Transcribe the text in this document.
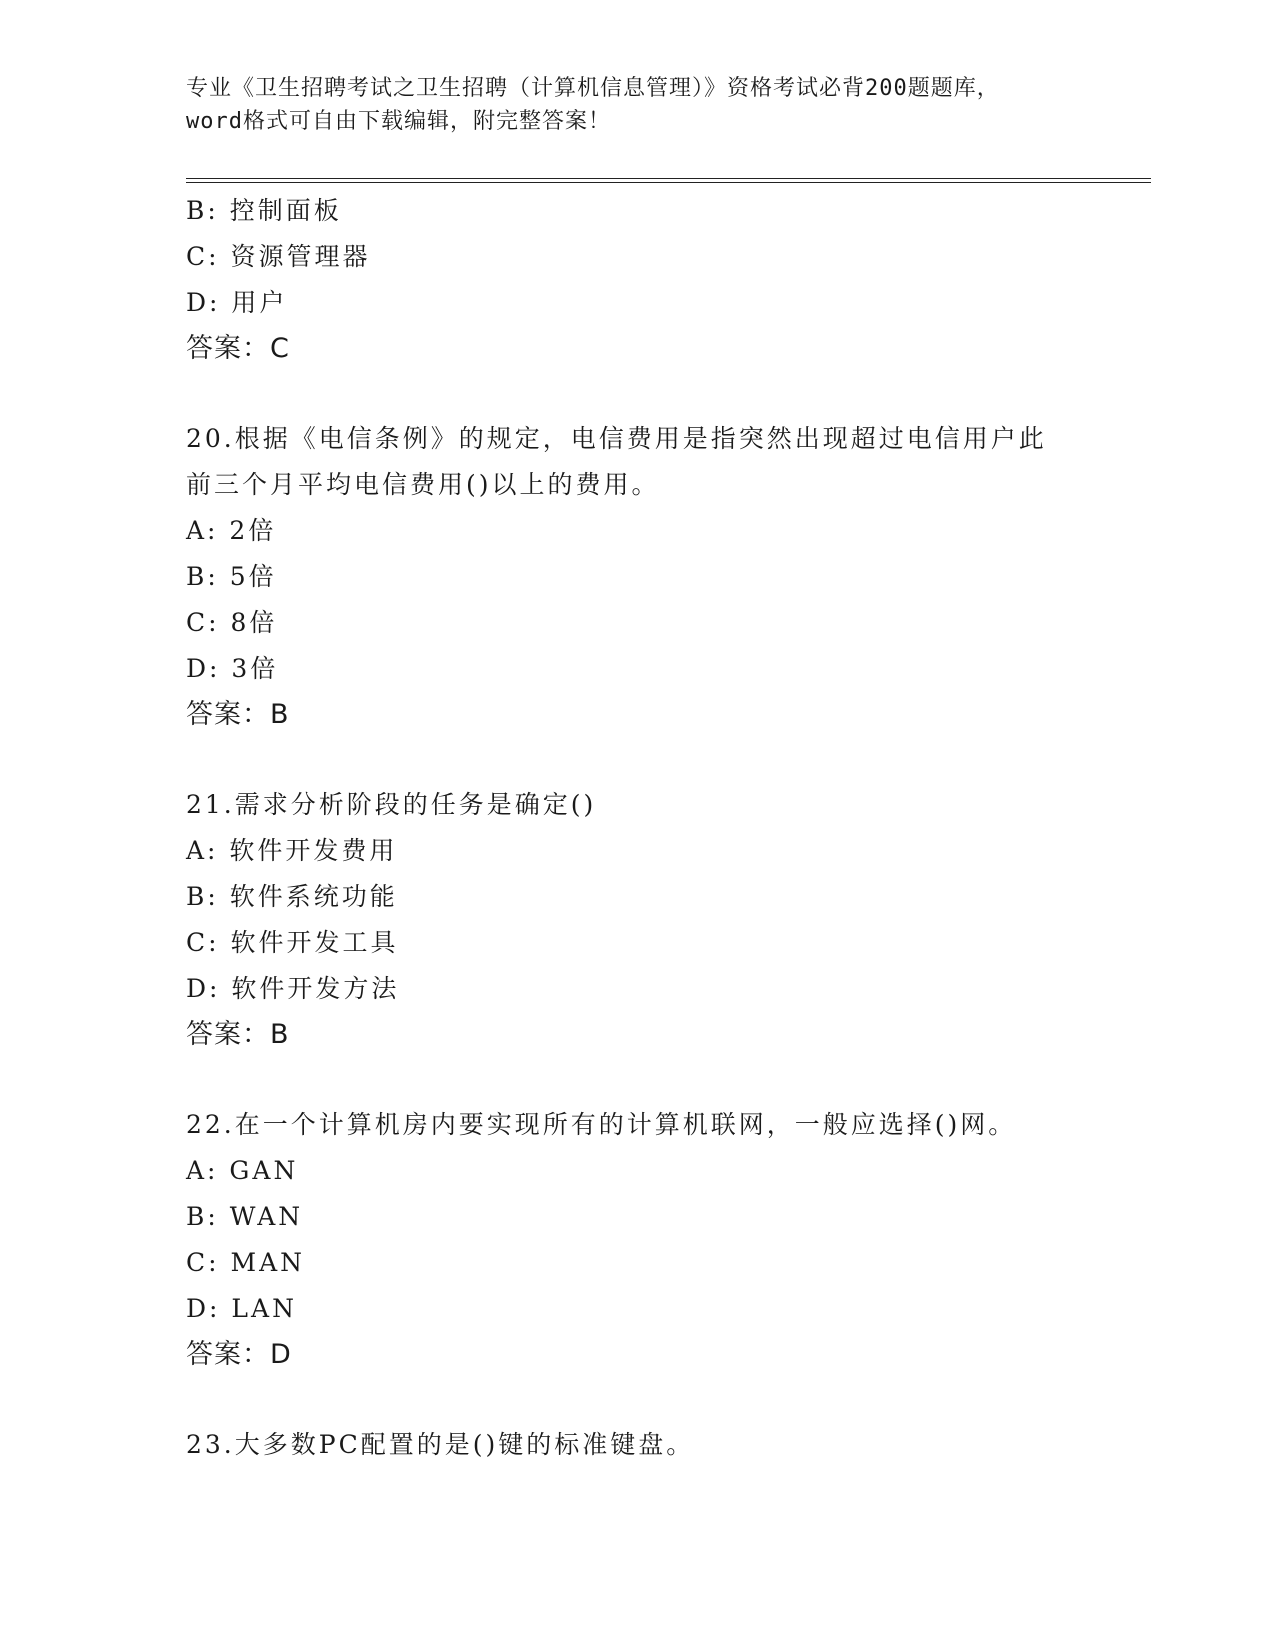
专业《卫生招聘考试之卫生招聘（计算机信息管理）》资格考试必背200题题库，
word格式可自由下载编辑，附完整答案！
B: 控制面板
C: 资源管理器
D: 用户
答案：C
20.根据《电信条例》的规定，电信费用是指突然出现超过电信用户此
前三个月平均电信费用()以上的费用。
A: 2倍
B: 5倍
C: 8倍
D: 3倍
答案：B
21.需求分析阶段的任务是确定()
A: 软件开发费用
B: 软件系统功能
C: 软件开发工具
D: 软件开发方法
答案：B
22.在一个计算机房内要实现所有的计算机联网，一般应选择()网。
A: GAN
B: WAN
C: MAN
D: LAN
答案：D
23.大多数PC配置的是()键的标准键盘。
